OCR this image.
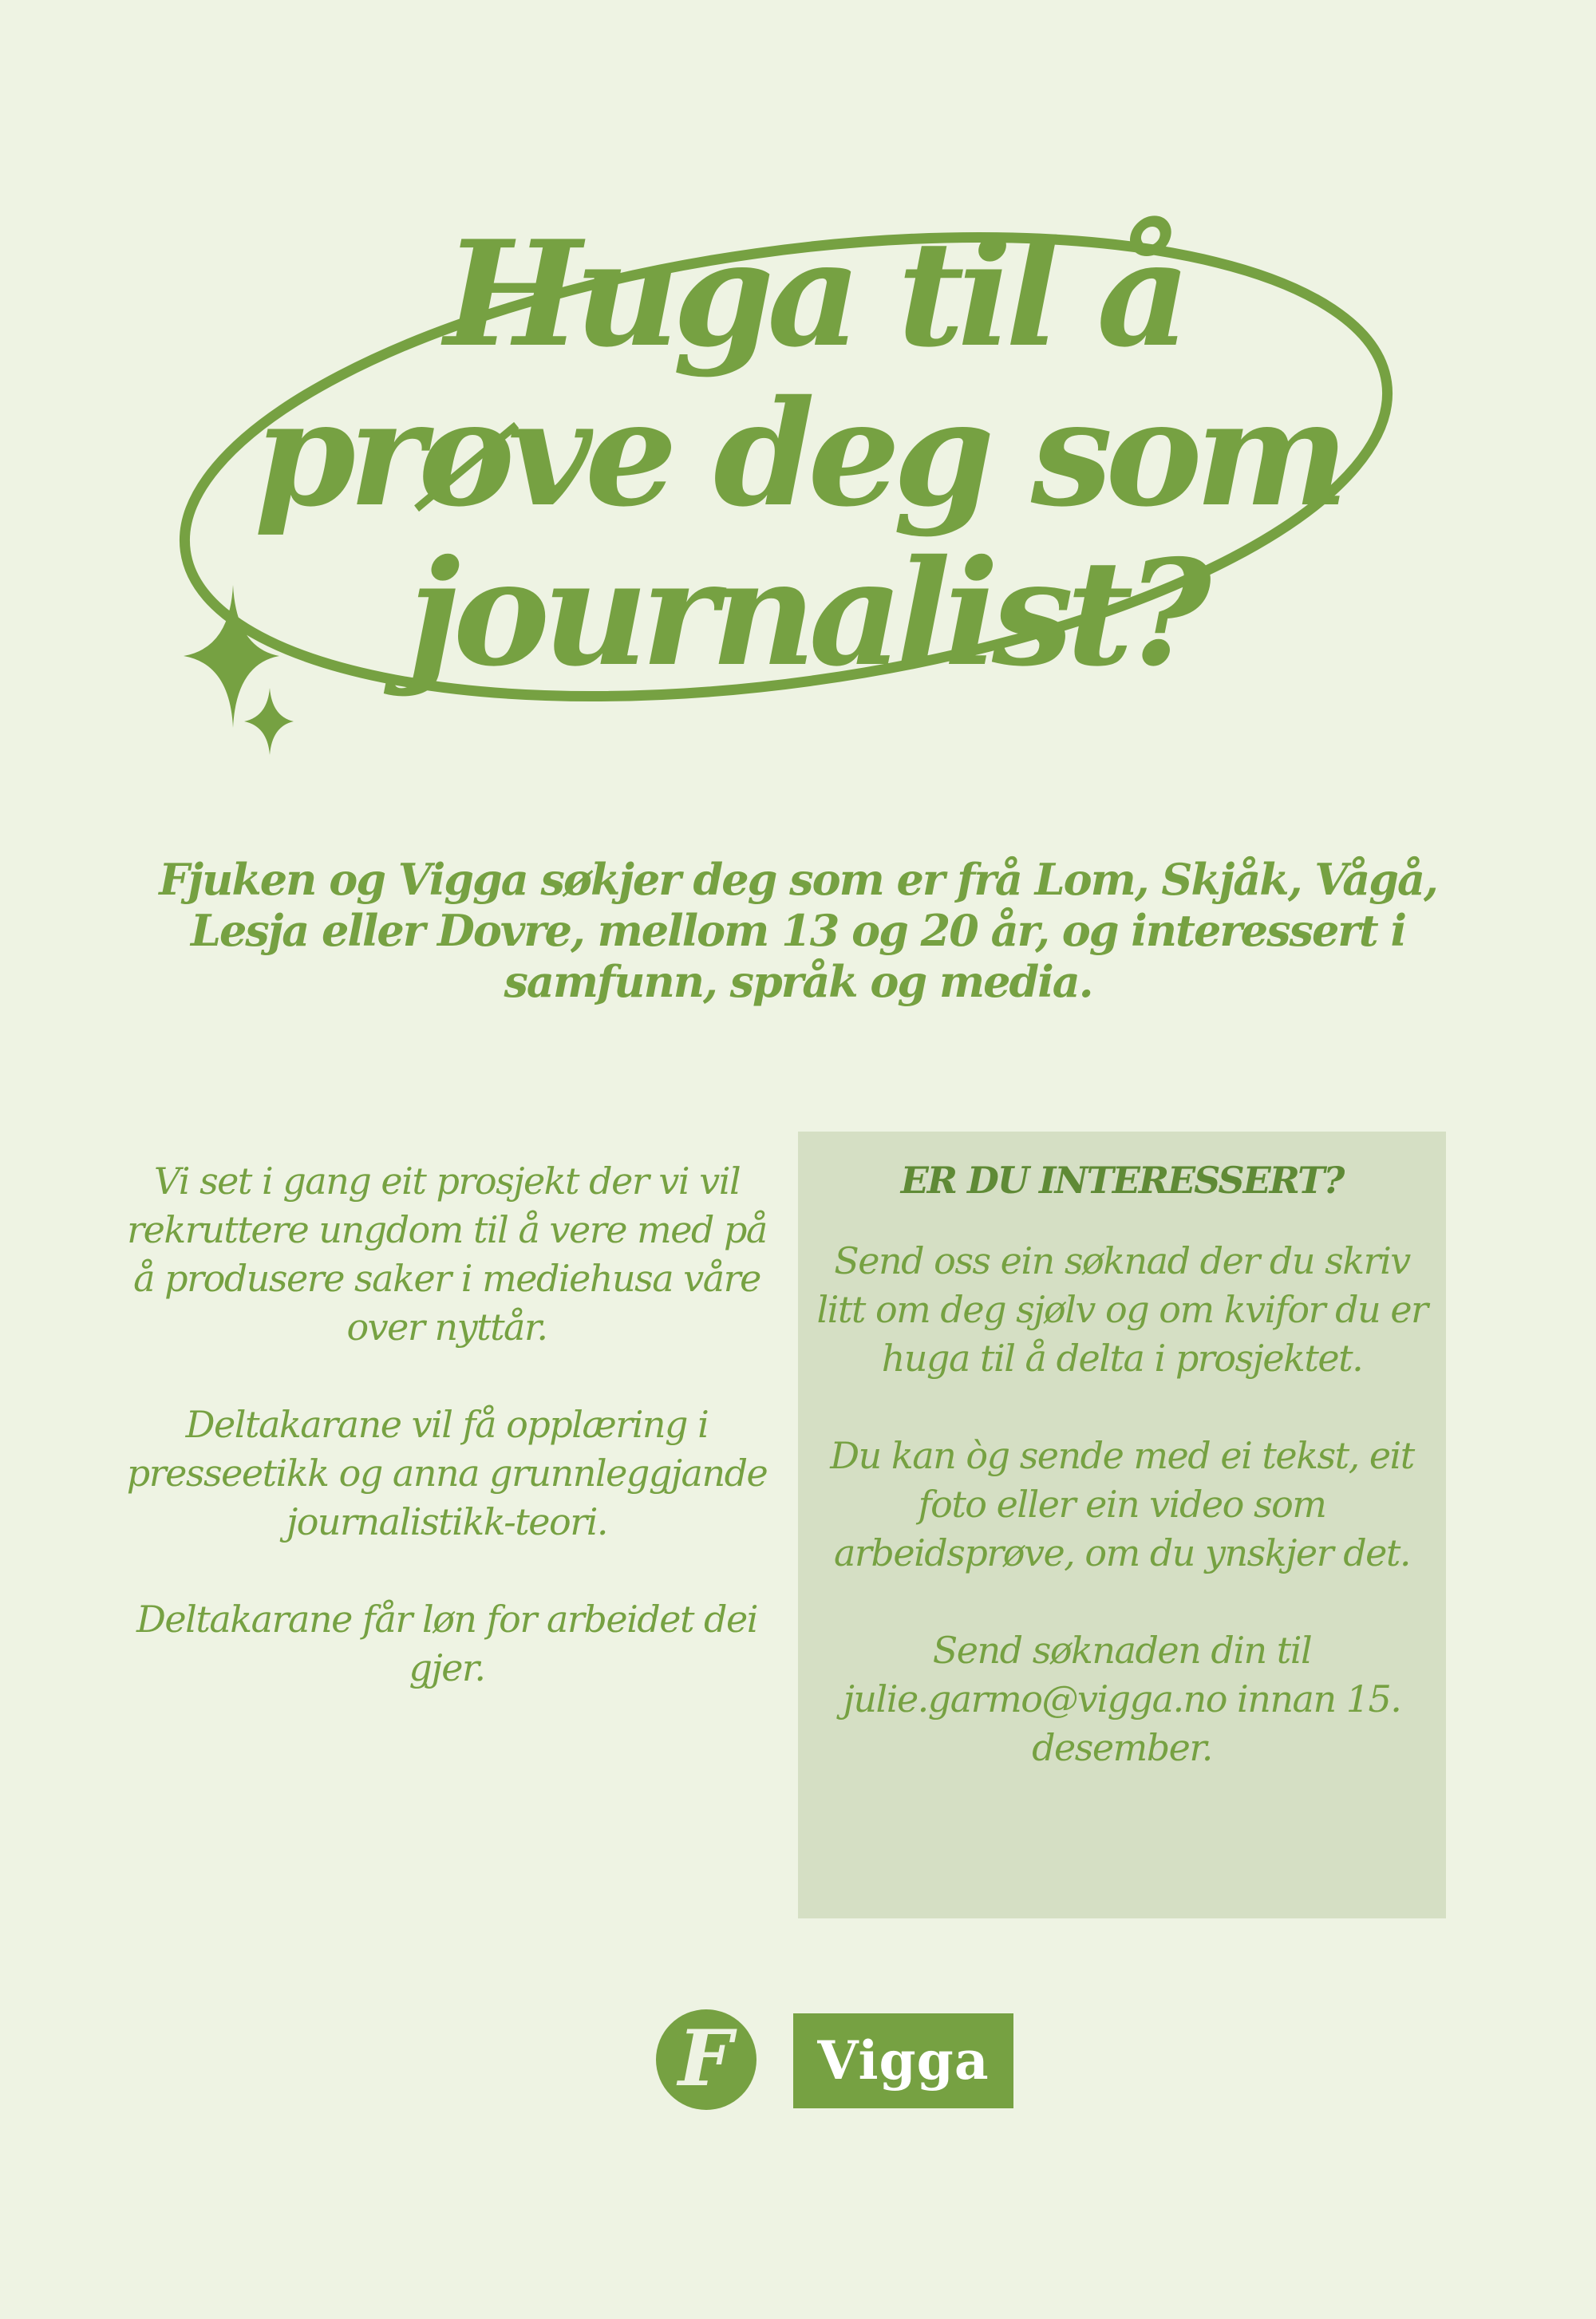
Huga til å
prøve deg som
journalist?

Fjuken og Vigga søkjer deg som er frå Lom, Skjåk, Vågå, Lesja eller Dovre, mellom 13 og 20 år, og interessert i samfunn, språk og media.

Vi set i gang eit prosjekt der vi vil rekruttere ungdom til å vere med på å produsere saker i mediehusa våre over nyttår.

Deltakarane vil få opplæring i presseetikk og anna grunnleggjande journalistikk-teori.

Deltakarane får løn for arbeidet dei gjer.

ER DU INTERESSERT?

Send oss ein søknad der du skriv litt om deg sjølv og om kvifor du er huga til å delta i prosjektet.

Du kan òg sende med ei tekst, eit foto eller ein video som arbeidsprøve, om du ynskjer det.

Send søknaden din til julie.garmo@vigga.no innan 15. desember.

F	Vigga
